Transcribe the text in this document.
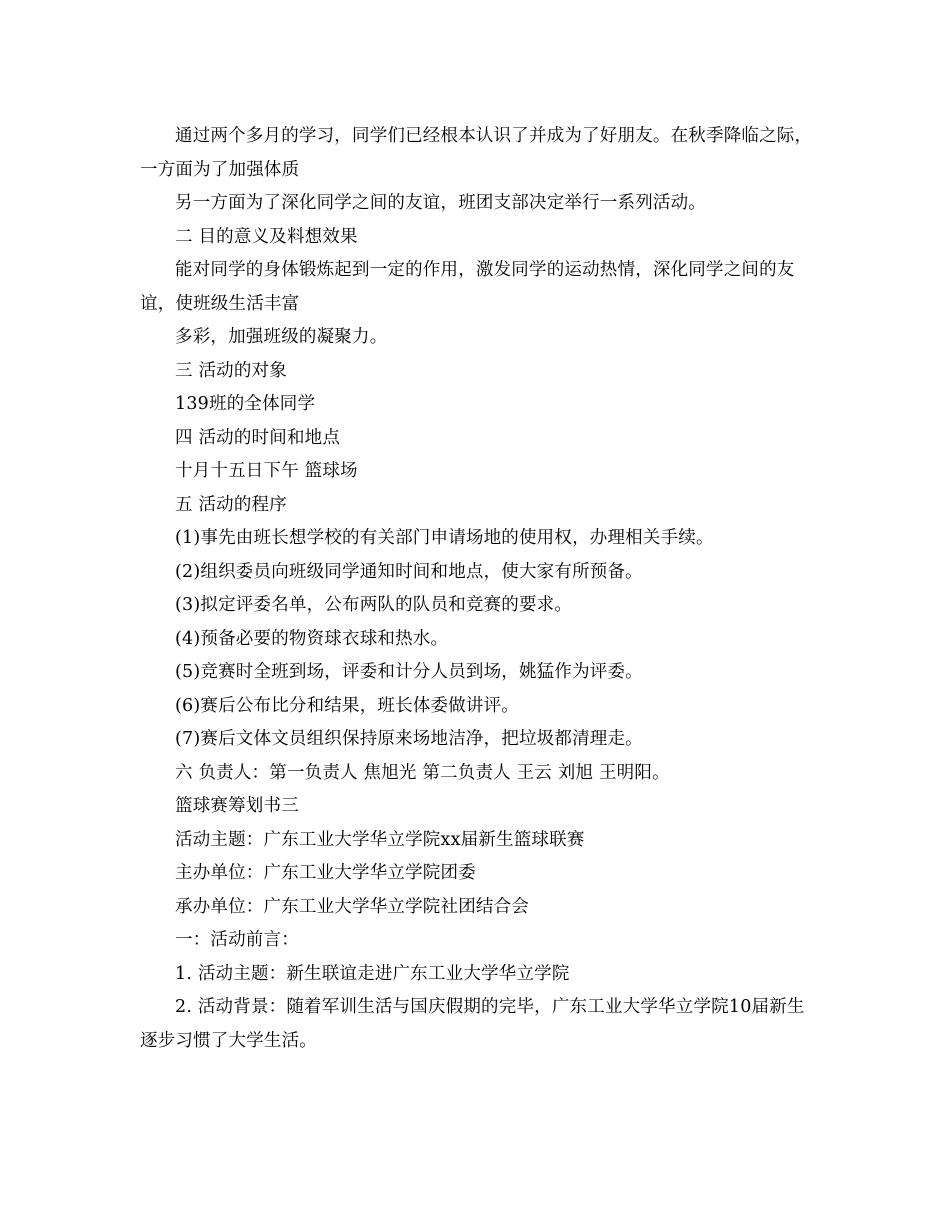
通过两个多月的学习，同学们已经根本认识了并成为了好朋友。在秋季降临之际，一方面为了加强体质

另一方面为了深化同学之间的友谊，班团支部决定举行一系列活动。

二 目的意义及料想效果

能对同学的身体锻炼起到一定的作用，激发同学的运动热情，深化同学之间的友谊，使班级生活丰富

多彩，加强班级的凝聚力。

三 活动的对象

139班的全体同学

四 活动的时间和地点

十月十五日下午 篮球场

五 活动的程序

(1)事先由班长想学校的有关部门申请场地的使用权，办理相关手续。

(2)组织委员向班级同学通知时间和地点，使大家有所预备。

(3)拟定评委名单，公布两队的队员和竞赛的要求。

(4)预备必要的物资球衣球和热水。

(5)竞赛时全班到场，评委和计分人员到场，姚猛作为评委。

(6)赛后公布比分和结果，班长体委做讲评。

(7)赛后文体文员组织保持原来场地洁净，把垃圾都清理走。

六 负责人：第一负责人 焦旭光 第二负责人 王云 刘旭 王明阳。

篮球赛筹划书三

活动主题：广东工业大学华立学院xx届新生篮球联赛

主办单位：广东工业大学华立学院团委

承办单位：广东工业大学华立学院社团结合会

一：活动前言：

1. 活动主题：新生联谊走进广东工业大学华立学院

2. 活动背景：随着军训生活与国庆假期的完毕，广东工业大学华立学院10届新生逐步习惯了大学生活。
